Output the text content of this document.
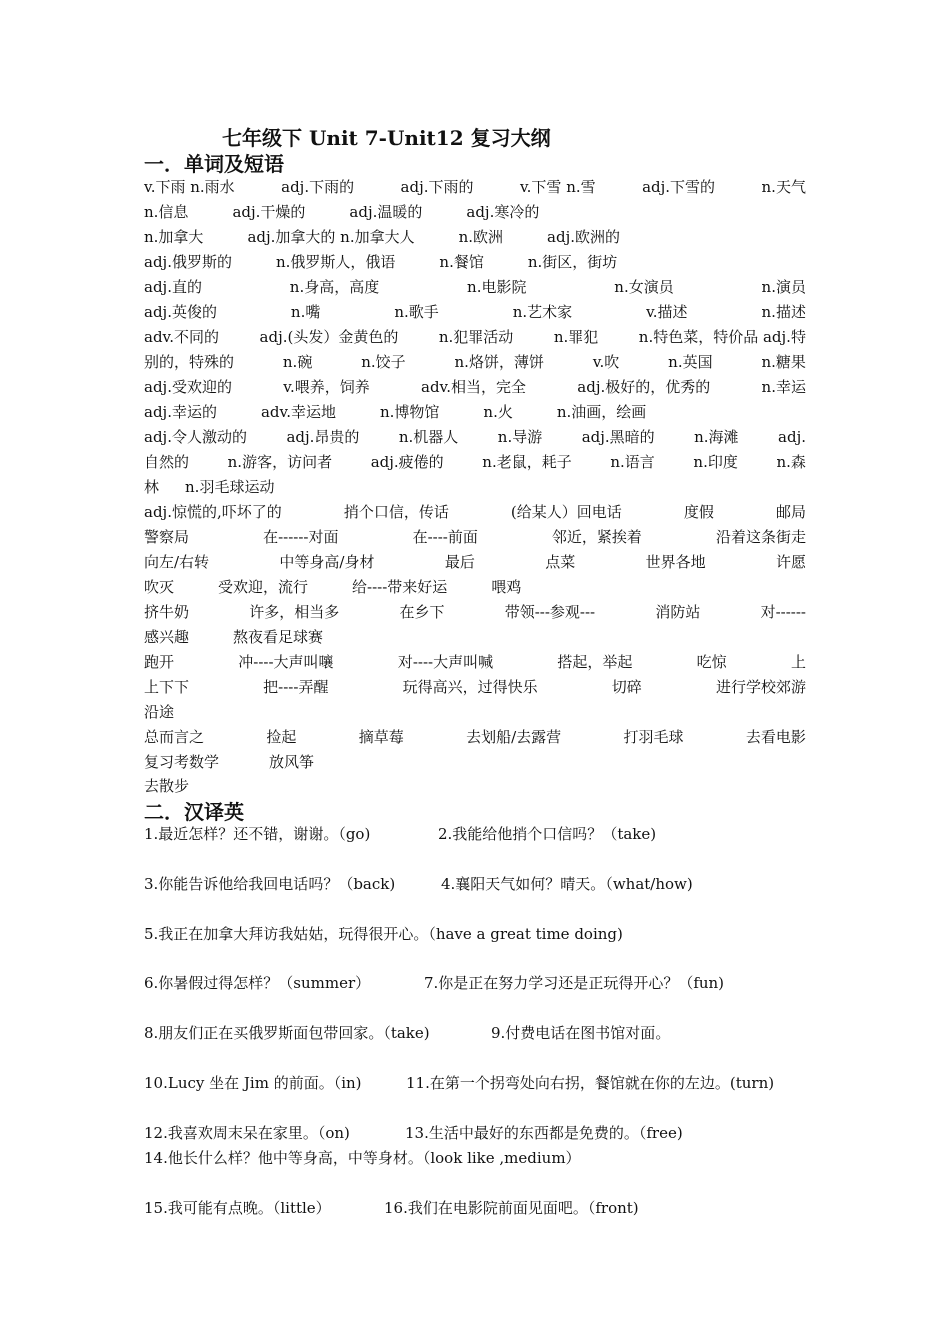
七年级下 Unit 7-Unit12 复习大纲
一．单词及短语
v.下雨 n.雨水	adj.下雨的	adj.下雨的	v.下雪 n.雪	adj.下雪的	n.天气
n.信息	adj.干燥的	adj.温暖的	adj.寒冷的
n.加拿大	adj.加拿大的 n.加拿大人	n.欧洲	adj.欧洲的
adj.俄罗斯的	n.俄罗斯人，俄语	n.餐馆	n.街区，街坊
adj.直的	n.身高，高度	n.电影院	n.女演员	n.演员
adj.英俊的	n.嘴	n.歌手	n.艺术家	v.描述	n.描述
adv.不同的	adj.(头发）金黄色的	n.犯罪活动	n.罪犯	n.特色菜，特价品 adj.特
别的，特殊的	n.碗	n.饺子	n.烙饼，薄饼	v.吹	n.英国	n.糖果
adj.受欢迎的	v.喂养，饲养	adv.相当，完全	adj.极好的，优秀的	n.幸运
adj.幸运的	adv.幸运地	n.博物馆	n.火	n.油画，绘画
adj.令人激动的	adj.昂贵的	n.机器人	n.导游	adj.黑暗的	n.海滩	adj.
自然的	n.游客，访问者	adj.疲倦的	n.老鼠，耗子	n.语言	n.印度	n.森
林 n.羽毛球运动
adj.惊慌的,吓坏了的	捎个口信，传话	(给某人）回电话	度假	邮局
警察局	在------对面	在----前面	邻近，紧挨着	沿着这条街走
向左/右转	中等身高/身材	最后	点菜	世界各地	许愿
吹灭	受欢迎，流行	给----带来好运	喂鸡
挤牛奶	许多，相当多	在乡下	带领---参观---	消防站	对------
感兴趣	熬夜看足球赛
跑开	冲----大声叫嚷	对----大声叫喊	搭起，举起	吃惊	上
上下下	把----弄醒	玩得高兴，过得快乐	切碎	进行学校郊游
沿途
总而言之	捡起	摘草莓	去划船/去露营	打羽毛球	去看电影
复习考数学	放风筝
去散步
二．汉译英
1.最近怎样？还不错，谢谢。（go)	2.我能给他捎个口信吗？（take)
3.你能告诉他给我回电话吗？（back)	4.襄阳天气如何？晴天。（what/how)
5.我正在加拿大拜访我姑姑，玩得很开心。（have a great time doing)
6.你暑假过得怎样？（summer）	7.你是正在努力学习还是正玩得开心？（fun)
8.朋友们正在买俄罗斯面包带回家。（take)	9.付费电话在图书馆对面。
10.Lucy 坐在 Jim 的前面。（in)	11.在第一个拐弯处向右拐，餐馆就在你的左边。(turn)
12.我喜欢周末呆在家里。（on)	13.生活中最好的东西都是免费的。（free)
14.他长什么样？他中等身高，中等身材。（look like ,medium）
15.我可能有点晚。（little）	16.我们在电影院前面见面吧。（front)
